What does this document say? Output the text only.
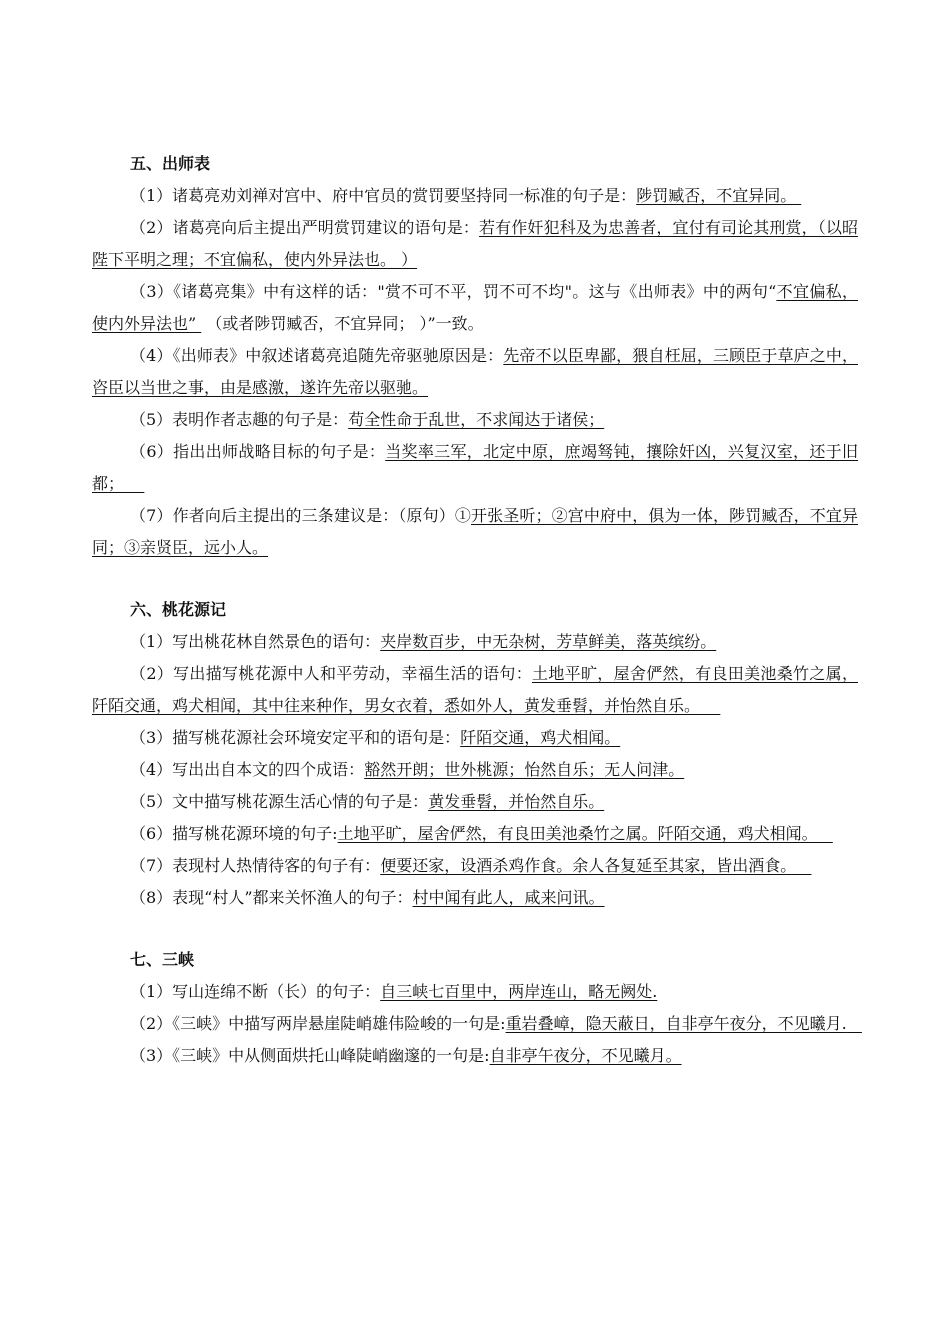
五、出师表

（1）诸葛亮劝刘禅对宫中、府中官员的赏罚要坚持同一标准的句子是：陟罚臧否，不宜异同。

（2）诸葛亮向后主提出严明赏罚建议的语句是：若有作奸犯科及为忠善者，宜付有司论其刑赏，（以昭陛下平明之理；不宜偏私，使内外异法也。 ）

（3）《诸葛亮集》中有这样的话："赏不可不平，罚不可不均"。这与《出师表》中的两句“不宜偏私，使内外异法也”  （或者陟罚臧否，不宜异同； ）”一致。

（4）《出师表》中叙述诸葛亮追随先帝驱驰原因是：先帝不以臣卑鄙，猥自枉屈，三顾臣于草庐之中，咨臣以当世之事，由是感激，遂许先帝以驱驰。

（5）表明作者志趣的句子是：苟全性命于乱世，不求闻达于诸侯；

（6）指出出师战略目标的句子是：当奖率三军，北定中原，庶竭驽钝，攘除奸凶，兴复汉室，还于旧都；

（7）作者向后主提出的三条建议是：（原句）①开张圣听；②宫中府中，俱为一体，陟罚臧否，不宜异同；③亲贤臣，远小人。

六、桃花源记

（1）写出桃花林自然景色的语句：夹岸数百步，中无杂树，芳草鲜美，落英缤纷。

（2）写出描写桃花源中人和平劳动，幸福生活的语句：土地平旷，屋舍俨然，有良田美池桑竹之属，阡陌交通，鸡犬相闻，其中往来种作，男女衣着，悉如外人，黄发垂髫，并怡然自乐。

（3）描写桃花源社会环境安定平和的语句是：阡陌交通，鸡犬相闻。

（4）写出出自本文的四个成语：豁然开朗；世外桃源；怡然自乐；无人问津。

（5）文中描写桃花源生活心情的句子是：黄发垂髫，并怡然自乐。

（6）描写桃花源环境的句子:土地平旷，屋舍俨然，有良田美池桑竹之属。阡陌交通，鸡犬相闻。

（7）表现村人热情待客的句子有：便要还家，设酒杀鸡作食。余人各复延至其家，皆出酒食。

（8）表现“村人”都来关怀渔人的句子：村中闻有此人，咸来问讯。

七、三峡

（1）写山连绵不断（长）的句子：自三峡七百里中，两岸连山，略无阙处.

（2）《三峡》中描写两岸悬崖陡峭雄伟险峻的一句是:重岩叠嶂，隐天蔽日，自非亭午夜分，不见曦月.

（3）《三峡》中从侧面烘托山峰陡峭幽邃的一句是:自非亭午夜分，不见曦月。
